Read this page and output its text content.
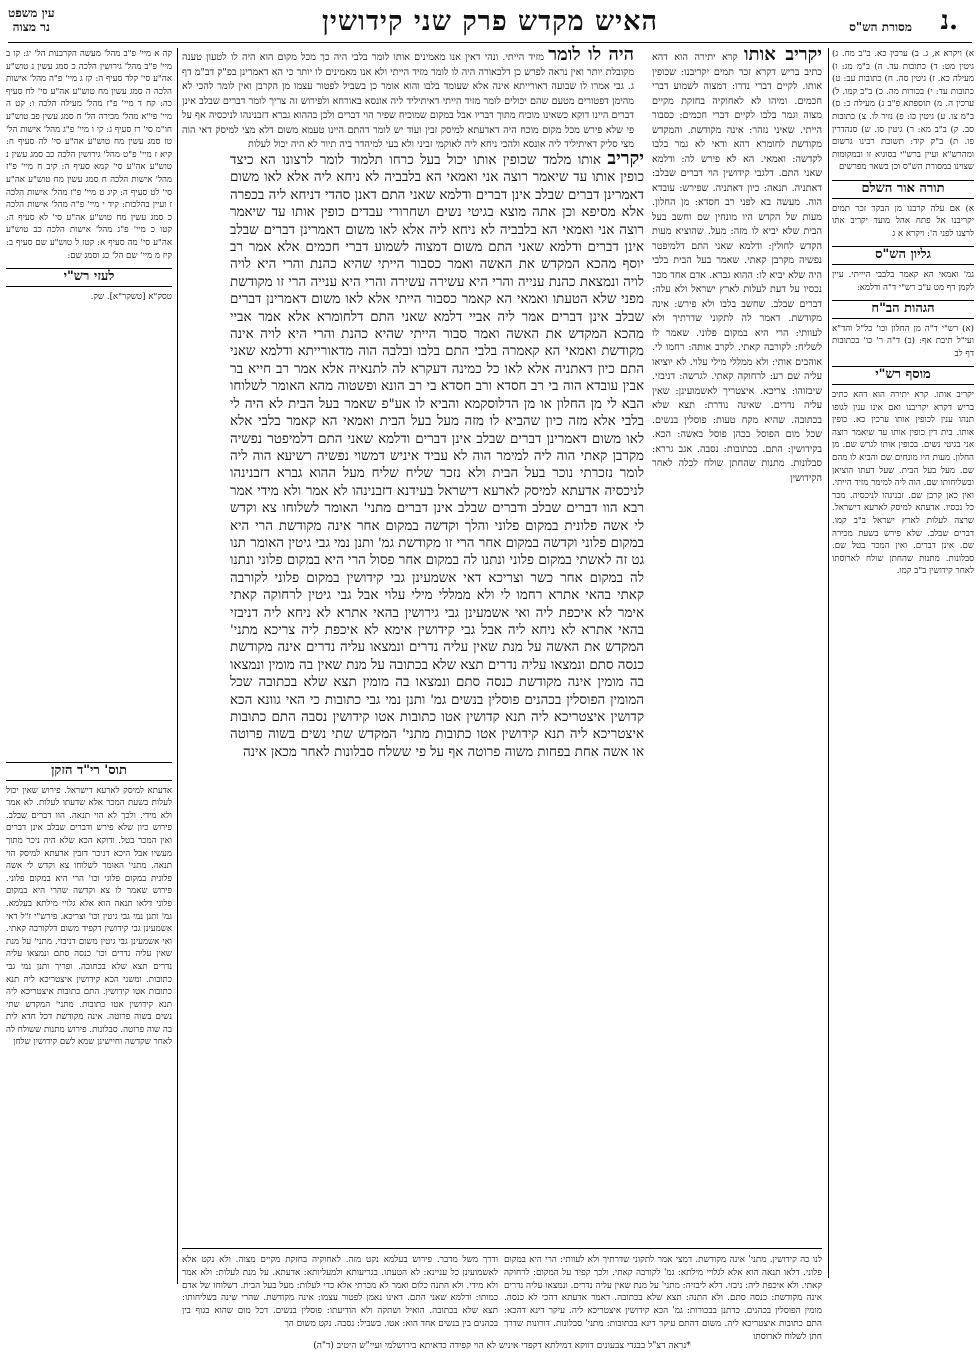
עין משפט
נר מצוה	האיש מקדש פרק שני קידושין	נ.
מסורת הש"ס
א) ויקרא א, ג. ב) ערכין כא. ב"ב מח. ג) גיטין מט: ד) כתובות עד. ה) ב"מ מג: ו) מעילה כא. ז) גיטין סה. ח) כתובות עב: ט) כתובות עד: י) בכורות מה. כ) ב"ב קמו. ל) ערכין ה. מ) תוספתא פ"ב נ) מעילה כ: ס) ב"מ צו. ע) גיטין כו: פ) נזיר לו. צ) כתובות סב. ק) ב"ב מא: ר) גיטין סו. ש) סנהדרין פו. ת) ב"ק קיד: תשובת רבינו גרשום ומהרש"א ועיין ברש"י בסוגיא זו ובמקומות שצוינו במסורת הש"ס וכן בשאר מפרשים
תורה אור השלם
א) אם עלה קרבנו מן הבקר זכר תמים יקריבנו אל פתח אהל מועד יקריב אתו לרצנו לפני ה': ויקרא א ג
גליון הש"ס
גמ' ואמאי הא קאמר בלבבי היייתי. עיין לקמן דף מט ע"ב רש"י ד"ה ודלמא:
הגהות הב"ח
(א) רש"י ד"ה מן החלון וכו' כל"ל והד"א ועי"ל תיבת אף: (ב) ד"ה ר' כו' בכתובות דף לב
מוסף רש"י
יקריב אותו. קרא יתירה הוא דהא כתיב בריש דקרא יקריבנו ואם אינו ענין לגופו תנהו ענין לכופין אותו ערכין כא. כופין אותו. בית דין כופין אותו עד שיאמר רוצה אני בגיטי נשים. בכופין אותו לגרש שם. מן החלון. מעות היו מונחים שם והביא לו מהם שם. מעל בעל הבית. שעל דעתו הוציאן ובשליחותו שם. הוה ליה למימר מזיד הייתי. ואין כאן קרבן שם. זבנינהו לניכסיה. מכר כל נכסיו. אדעתא למיסק לארעא דישראל. שרצה לעלות לארץ ישראל ב"ב קמו. דברים שבלב. שלא פירש בשעת מכירה שם. אינן דברים. ואין המכר בטל שם. סבלונות. מתנות שהחתן שולח לארוסתו לאחר קידושין ב"ב קמו.
יקריב אותו קרא יתירה הוא דהא כתיב בריש דקרא זכר תמים יקריבנו: שכופין אותו. לקיים דברי נדרו: דמצוה לשמוע דברי חכמים. ומיהו לא לאחוקיה בחזקת מקיים מצוה וגמר בלבו לקיים דברי חכמים: כסבור הייתי. שאיני נזהר: אינה מקודשת. והמקדש מקודשת לחומרא דהא ודאי לא גמר בלבו לקדשה: ואמאי. הא לא פירש לה: ודלמא שאני התם. דלגבי קידושין הוי דברים שבלב: דאתניה. תנאה: כיון דאתניה. שפירש: עובדא הוה. מעשה בא לפני רב חסדא: מן החלון. מעות של הקדש היו מונחין שם וחשב בעל הבית שלא יביא לו מזה: מעל. שהוציא מעות הקדש לחולין: ודלמא שאני התם דלמיפטר נפשיה מקרבן קאתי. שאמר בעל הבית בלבי היה שלא יביא לו: ההוא גברא. אדם אחד מכר נכסיו על דעת לעלות לארץ ישראל ולא עלה: דברים שבלב. שחשב בלבו ולא פירש: אינה מקודשת. דאמר לה לתקוני שדרתיך ולא לעוותי: הרי היא במקום פלוני. שאמר לו לשליח: לקורבה קאתי. לקרב אותה: רחמו לי. אוהבים אותי: ולא ממללי מילי עלוי. לא יוציאו עליה שם רע: לרחוקה קאתי. לגרשה: דניבזי. שיבזוהו: צריכא. איצטריך לאשמועינן: שאין עליה נדרים. שאינה נודרת: תצא שלא בכתובה. שהיא מקח טעות: פוסלין בנשים. שכל מום הפוסל בכהן פוסל באשה: הכא. בקידושין: התם. בכתובות: נסבה. אגב גררא: סבלונות. מתנות שהחתן שולח לכלה לאחר הקידושין
יקריב אותו מלמד שכופין אותו יכול בעל כרחו תלמוד לומר לרצונו הא כיצד כופין אותו עד שיאמר רוצה אני ואמאי הא בלבביה לא ניחא ליה אלא לאו משום דאמרינן דברים שבלב אינן דברים ודלמא שאני התם דאנן סהדי דניחא ליה בכפרה אלא מסיפא וכן אתה מוצא בגיטי נשים ושחרורי עבדים כופין אותו עד שיאמר רוצה אני ואמאי הא בלבביה לא ניחא ליה אלא לאו משום דאמרינן דברים שבלב אינן דברים ודלמא שאני התם משום דמצוה לשמוע דברי חכמים אלא אמר רב יוסף מהכא המקדש את האשה ואמר כסבור הייתי שהיא כהנת והרי היא לויה לויה ונמצאת כהנת ענייה והרי היא עשירה עשירה והרי היא ענייה הרי זו מקודשת מפני שלא הטעתו ואמאי הא קאמר כסבור הייתי אלא לאו משום דאמרינן דברים שבלב אינן דברים אמר ליה אביי דלמא שאני התם דלחומרא אלא אמר אביי מהכא המקדש את האשה ואמר סבור הייתי שהיא כהנת והרי היא לויה אינה מקודשת ואמאי הא קאמרה בלבי התם בלבו ובלבה הוה מדאורייתא ודלמא שאני התם כיון דאתניה אלא לאו כל כמינה דעקרא לה לתנאיה אלא אמר רב חייא בר אבין עובדא הוה בי רב חסדא ורב חסדא בי רב הונא ופשטוה מהא האומר לשלוחו הבא לי מן החלון או מן הדלוסקמא והביא לו אע"פ שאמר בעל הבית לא היה לי בלבי אלא מזה כיון שהביא לו מזה מעל בעל הבית ואמאי הא קאמר בלבי אלא לאו משום דאמרינן דברים שבלב אינן דברים ודלמא שאני התם דלמיפטר נפשיה מקרבן קאתי הוה ליה למימר הוה לא עביד איניש דמשוי נפשיה רשיעא הוה ליה לומר נזכרתי נוכר בעל הבית ולא נזכר שליח שליח מעל ההוא גברא דזבנינהו לניכסיה אדעתא למיסק לארעא דישראל בעידנא דזבנינהו לא אמר ולא מידי אמר רבא הוו דברים שבלב ודברים שבלב אינן דברים מתני' האומר לשלוחו צא וקדש לי אשה פלונית במקום פלוני והלך וקדשה במקום אחר אינה מקודשת הרי היא במקום פלוני וקדשה במקום אחר הרי זו מקודשת גמ' ותנן נמי גבי גיטין האומר תנו גט זה לאשתי במקום פלוני ונתנו לה במקום אחר פסול הרי היא במקום פלוני ונתנו לה במקום אחר כשר וצריכא דאי אשמעינן גבי קידושין במקום פלוני לקורבה קאתי בהאי אתרא רחמו לי ולא ממללי מילי עלוי אבל גבי גיטין לרחוקה קאתי אימר לא איכפת ליה ואי אשמעינן גבי גירושין בהאי אתרא לא ניחא ליה דניבזי בהאי אתרא לא ניחא ליה אבל גבי קידושין אימא לא איכפת ליה צריכא מתני' המקדש את האשה על מנת שאין עליה נדרים ונמצאו עליה נדרים אינה מקודשת כנסה סתם ונמצאו עליה נדרים תצא שלא בכתובה על מנת שאין בה מומין ונמצאו בה מומין אינה מקודשת כנסה סתם ונמצאו בה מומין תצא שלא בכתובה שכל המומין הפוסלין בכהנים פוסלין בנשים גמ' ותנן נמי גבי כתובות כי האי גוונא הכא קדושין איצטריכא ליה תנא קדושין אטו כתובות אטו קידושין נסבה התם כתובות איצטריכא ליה תנא קידושין אטו כתובות מתני' המקדש שתי נשים בשוה פרוטה או אשה אחת בפחות משוה פרוטה אף על פי ששלח סבלונות לאחר מכאן אינה
היה לו לומר מזיד הייתי. ונהי דאין אנו מאמינים אותו לומר בלבי היה כך מכל מקום הוא היה לו לטעון טענה מקובלת יותר ואין נראה לפרש כן דלכאורה היה לו לומר מזיד הייתי ולא אנו מאמינים לו יותר כי הא דאמרינן בפ"ק דב"מ דף ג. גבי אמרו לו שבועה דאורייתא אינה אלא שעומד בלבו והוא אומר כן בשביל לפטור עצמו מן הקרבן ואין לומר להכי לא מהימן דפטורים מטעם שהם יכולים לומר מזיד הייתי דאיתיליד ליה אונסא באורחא ולפירוש זה צריך לומר דברים שבלב אינן דברים היינו דוקא כשאינו מוכיח מתוך דבריו אבל במקום שמוכיח שפיר הוי דברים ולכן בההוא גברא דזבנינהו לניכסיה אף על פי שלא פירש מכל מקום מוכח היה דאדעתא למיסק זבין ועוד יש לומר דהתם היינו טעמא משום דלא מצי למיסק דאי הוה מצי סליק דאיתיליד ליה אונסא ולהכי ניחא ליה לאוקמי זביני ולא בעי למיהדר ביה תיור לא היה יכול לעלות
קה א מיי' פ"ב מהל' מעשה הקרבנות הל' יג: קו ב מיי' פ"ב מהל' גירושין הלכה כ סמג עשין נ טוש"ע אה"ע סי' קלד סעיף ה: קז ג מיי' פ"ה מהל' אישות הלכה ה סמג עשין מח טוש"ע אה"ע סי' לח סעיף כה: קח ד מיי' פ"ז מהל' מעילה הלכה ו: קט ה מיי' פי"א מהל' מכירה הל' ח סמג עשין פב טוש"ע חו"מ סי' רז סעיף ג: קי ו מיי' פ"ג מהל' אישות הל' טז סמג עשין מח טוש"ע אה"ע סי' לה סעיף ח: קיא ז מיי' פ"ט מהל' גירושין הלכה כב סמג עשין נ טוש"ע אה"ע סי' קמא סעיף ה: קיב ח מיי' פ"ז מהל' אישות הלכה ח סמג עשין מח טוש"ע אה"ע סי' לט סעיף ה: קיג ט מיי' פ"ז מהל' אישות הלכה ז ועיין בהלכות: קיד י מיי' פ"ה מהל' אישות הלכה כ סמג עשין מח טוש"ע אה"ע סי' לא סעיף ה: קטו כ מיי' פ"ג מהל' אישות הלכה כב טוש"ע אה"ע סי' מה סעיף א: קטז ל טוש"ע שם סעיף ב: קיז מ מיי' שם הל' כג וסמג שם:
לעזי רש"י
טסק"א [טשקר"א]. שק.
תוס' רי"ד הזקן
אדעתא למיסק לארעא דישראל. פירוש שאין יכול לעלות בשעת המכר אלא שדעתו לעלות. לא אמר ולא מידי. ולכך לא הוי תנאה. הוו דברים שבלב. פירוש כיון שלא פירש ודברים שבלב אינן דברים ואין המכר בטל. ודוקא הכא שלא היה ניכר מתוך מעשיו אבל היכא דניכר דזבין אדעתא למיסק הוי תנאה. מתני' האומר לשלוחו צא וקדש לי אשה פלונית במקום פלוני וכו' הרי היא במקום פלוני. פירוש שאמר לו צא וקדשה שהרי היא במקום פלוני דלאו תנאה הוא אלא גלויי מילתא בעלמא. גמ' ותנן נמי גבי גיטין וכו' וצריכא. פירש"י ז"ל דאי אשמעינן גבי קידושין דקפיד משום דלקורבה קאתי. ואי אשמעינן גבי גיטין משום דניבזי. מתני' על מנת שאין עליה נדרים וכו' כנסה סתם ונמצאו עליה נדרים תצא שלא בכתובה. ופריך ותנן נמי גבי כתובות. ומשני הכא קידושין איצטריכא ליה תנא כתובות אטו קידושין. התם כתובות איצטריכא ליה תנא קידושין אטו כתובות. מתני' המקדש שתי נשים בשוה פרוטה. אינה מקודשת דכל חדא לית בה שוה פרוטה. סבלונות. פירוש מתנות ששולח לה לאחר שקדשה וחיישינן שמא לשם קידושין שלחן
לנו כה קידושין. מתני' אינה מקודשת. דמצי אמר לתקוני שדרתיך ולא לעוותי: הרי היא במקום פלוני. דלאו תנאה הוא אלא לגלויי מילתא: גמ' לקורבה קאתי. ולכך קפיד על המקום: לרחוקה קאתי. ולא איכפת ליה: ניבזי. דלא ליבזיה: מתני' על מנת שאין עליה נדרים. ונמצאו עליה נדרים אינה מקודשת: כנסה סתם. ולא התנה: תצא שלא בכתובה. דאמר אדעתא דהכי לא כנסה. מומין הפוסלין בכהנים. כדתנן בבכורות: גמ' הכא קידושין איצטריכא ליה. עיקר דינא דהכא: התם כתובות איצטריכא ליה. משום דהתם עיקר דינא בכתובות: מתני' סבלונות. דורונות שדרך חתן לשלוח לארוסתו
ודרך משל מדבר. פירוש בעלמא נקט מזה. לאחוקיה בחזקת מקיים מצוה. ולא נקט אלא לאשמועינן כל עניינא: לא הטעתו. בגריעותא ולמעליותא: אדעתא. על מנת לעלות: ולא אמר ולא מידי. ולא התנה כלום ואמר לא מכרתי אלא כדי לעלות: מעל בעל הבית. דשלוחו של אדם כמותו: ודלמא שאני התם. דאינו נאמן לפטור עצמו: אינה מקודשת. שהרי שינה בשליחותו: תצא שלא בכתובה. הואיל ושתקה ולא הודיעתו: פוסלין בנשים. דכל מום שהוא בגוף בין בכהנים בין בנשים אחד הוא: אטו. בשביל: נסבה. נקט משום הך
*נראה דצ"ל בבגדי צבעונים דווקא דמילתא דקפדי איניש לא הוי קפידה כדאיתא בירושלמי ועיי"ש היטיב (ד"ה)
